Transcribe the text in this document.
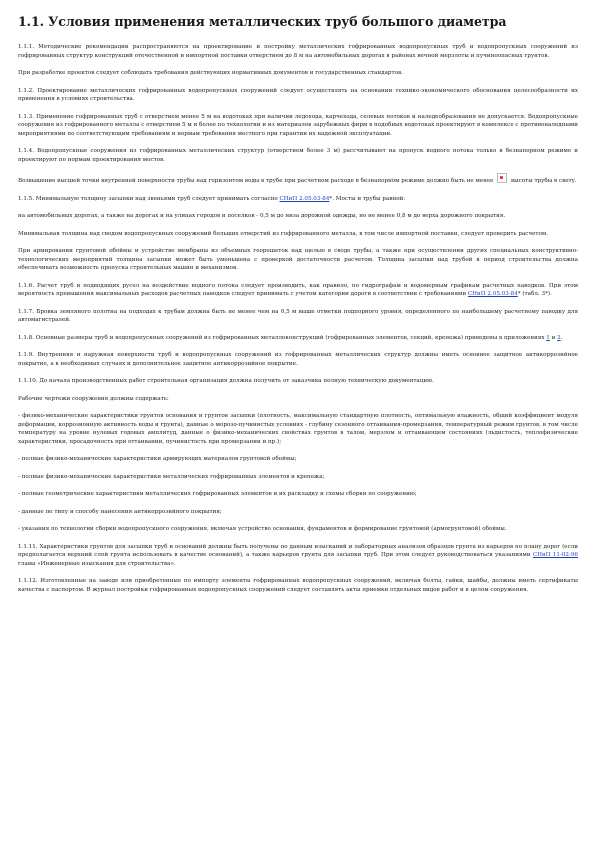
1.1. Условия применения металлических труб большого диаметра
1.1.1. Методические рекомендации распространяются на проектирование и постройку металлических гофрированных водопропускных труб и водопропускных сооружений из гофрированных структур конструкций отечественной и импортной поставки отверстием до 8 м на автомобильных дорогах в районах вечной мерзлоты и пучиноопасных грунтов.
При разработке проектов следует соблюдать требования действующих нормативных документов и государственных стандартов.
1.1.2. Проектирование металлических гофрированных водопропускных сооружений следует осуществлять на основании технико-экономического обоснования целесообразности их применения в условиях строительства.
1.1.3. Применение гофрированных труб с отверстием менее 5 м на водотоках при наличии ледохода, карчехода, селевых потоков и наледеобразования не допускается. Водопропускные сооружения из гофрированного металла с отверстием 5 м и более по технологии и из материалов зарубежных фирм в подобных водотоках проектируют в комплексе с противоналедными мероприятиями по соответствующим требованиям и нормам требования местного при гарантии их надежной эксплуатации.
1.1.4. Водопропускные сооружения из гофрированных металлических структур (отверстием более 3 м) рассчитывают на пропуск водного потока только в безнапорном режиме и проектируют по нормам проектирования мостов.
Возвышение высшей точки внутренней поверхности трубы над горизонтом воды в трубе при расчетном расходе в безнапорном режиме должно быть не менее	высоты трубы в свету.
1.1.5. Минимальную толщину засыпки над звеньями труб следует принимать согласно СНиП 2.05.03-84*. Мосты и трубы равной:
на автомобильных дорогах, а также на дорогах и на улицах городов и поселков - 0,5 м до низа дорожной одежды, но не менее 0,8 м до верха дорожного покрытия.
Минимальная толщина над сводом водопропускных сооружений больших отверстий из гофрированного металла, в том числе импортной поставки, следует проверить расчетом.
При армировании грунтовой обоймы и устройстве мембраны из объемных георешеток над щелью в своде трубы, а также при осуществлении других специальных конструктивно-технологических мероприятий толщина засыпки может быть уменьшена с проверкой достаточности расчетом. Толщина засыпки над трубой в период строительства должна обеспечивать возможность пропуска строительных машин и механизмов.
1.1.6. Расчет труб и подводящих русел на воздействие водного потока следует производить, как правило, по гидрографам и водомерным графикам расчетных паводков. При этом вероятность превышения максимальных расходов расчетных паводков следует принимать с учетом категории дороги в соответствии с требованиями СНиП 2.05.03-84* (табл. 3*).
1.1.7. Бровка земляного полотна на подходах к трубам должна быть не менее чем на 0,5 м выше отметки подпорного уровня, определенного по наибольшему расчетному паводку для автомагистралей.
1.1.8. Основные размеры труб и водопропускных сооружений из гофрированных металлоконструкций (гофрированных элементов, секций, крепежа) приведены в приложениях 1 и 2.
1.1.9. Внутренняя и наружная поверхности труб и водопропускных сооружений из гофрированных металлических структур должны иметь основное защитное антикоррозийное покрытие, а в необходимых случаях и дополнительное защитное антикоррозийное покрытие.
1.1.10. До начала производственных работ строительная организация должна получить от заказчика полную техническую документацию.
Рабочие чертежи сооружения должны содержать:
- физико-механические характеристики грунтов основания и грунтов засыпки (плотность, максимальную стандартную плотность, оптимальную влажность, общий коэффициент модуля деформации, коррозионную активность воды и грунта), данные о морозо-пучинистых условиях - глубину сезонного оттаивания-промерзания, температурный режим грунтов, в том числе температуру на уровне нулевых годовых амплитуд, данные о физико-механических свойствах грунтов в талом, мерзлом и оттаивающем состояниях (льдистость, теплофизические характеристики, просадочность при оттаивании, пучинистость при промерзании и пр.);
- полные физико-механические характеристики армирующих материалов грунтовой обоймы;
- полные физико-механические характеристики металлических гофрированных элементов и крепежа;
- полные геометрические характеристики металлических гофрированных элементов и их раскладку и схемы сборки по сооружению;
- данные по типу и способу нанесения антикоррозийного покрытия;
- указания по технологии сборки водопропускного сооружения, включая устройство основания, фундаментов и формирование грунтовой (армогрунтовой) обоймы.
1.1.11. Характеристики грунтов для засыпки труб и оснований должны быть получены по данным изысканий и лабораторных анализов образцов грунта из карьеров по плану дорог (если предполагается верхний слой грунта использовать в качестве оснований), а также карьеров грунта для засыпки труб. При этом следует руководствоваться указаниями СНиП 11-02-96 главы «Инженерные изыскания для строительства».
1.1.12. Изготовленные на заводе или приобретенные по импорту элементы гофрированных водопропускных сооружений, включая болты, гайки, шайбы, должны иметь сертификаты качества с паспортом. В журнал постройки гофрированных водопропускных сооружений следует составлять акты приемки отдельных видов работ и в целом сооружения.
